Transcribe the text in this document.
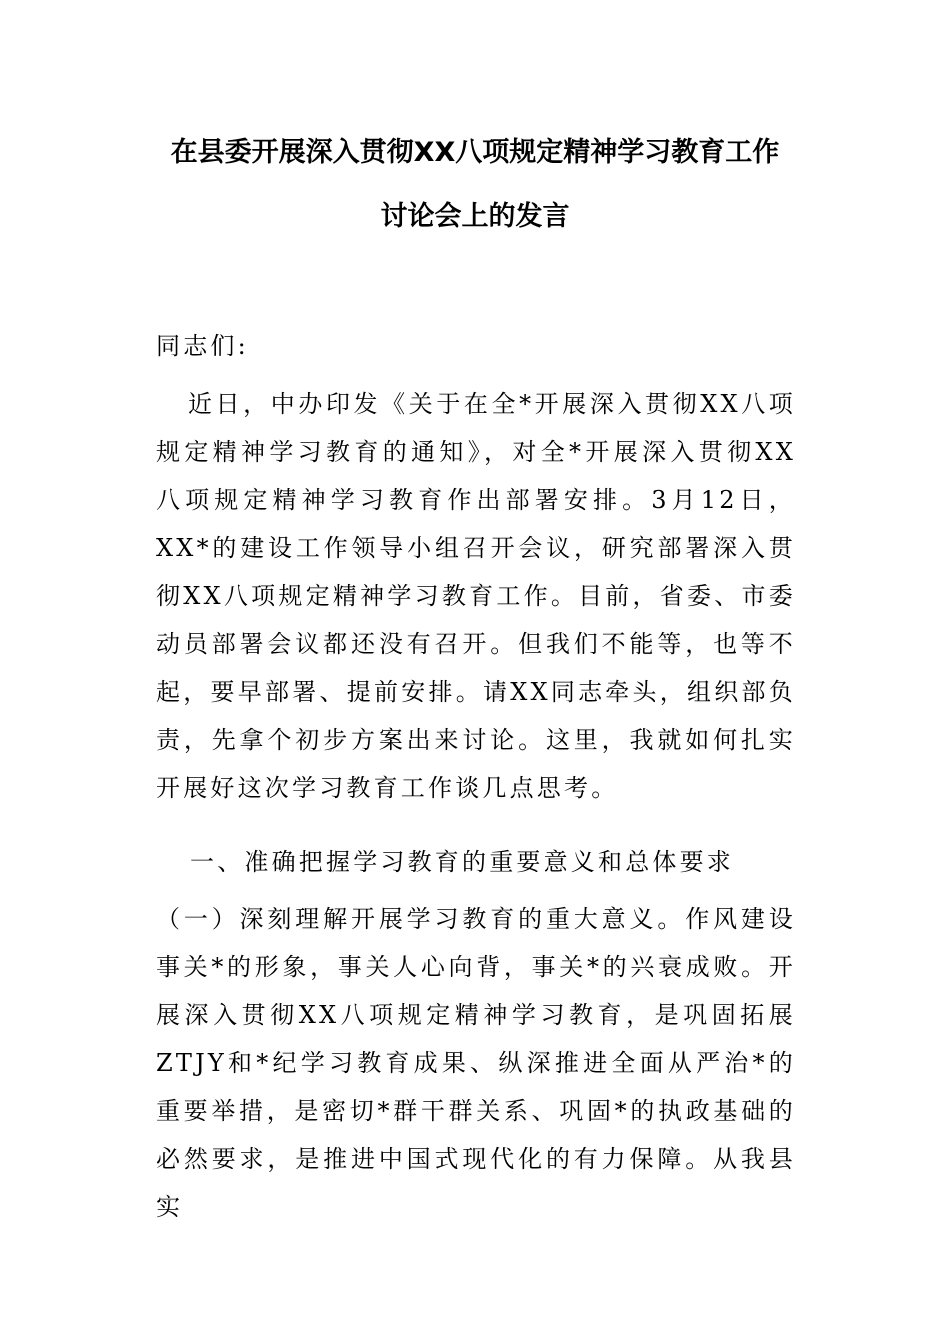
在县委开展深入贯彻XX八项规定精神学习教育工作
讨论会上的发言
同志们:
近日，中办印发《关于在全*开展深入贯彻XX八项规定精神学习教育的通知》，对全*开展深入贯彻XX八项规定精神学习教育作出部署安排。3月12日，XX*的建设工作领导小组召开会议，研究部署深入贯彻XX八项规定精神学习教育工作。目前，省委、市委动员部署会议都还没有召开。但我们不能等，也等不起，要早部署、提前安排。请XX同志牵头，组织部负责，先拿个初步方案出来讨论。这里，我就如何扎实开展好这次学习教育工作谈几点思考。
一、准确把握学习教育的重要意义和总体要求
（一）深刻理解开展学习教育的重大意义。作风建设事关*的形象，事关人心向背，事关*的兴衰成败。开展深入贯彻XX八项规定精神学习教育，是巩固拓展ZTJY和*纪学习教育成果、纵深推进全面从严治*的重要举措，是密切*群干群关系、巩固*的执政基础的必然要求，是推进中国式现代化的有力保障。从我县实
